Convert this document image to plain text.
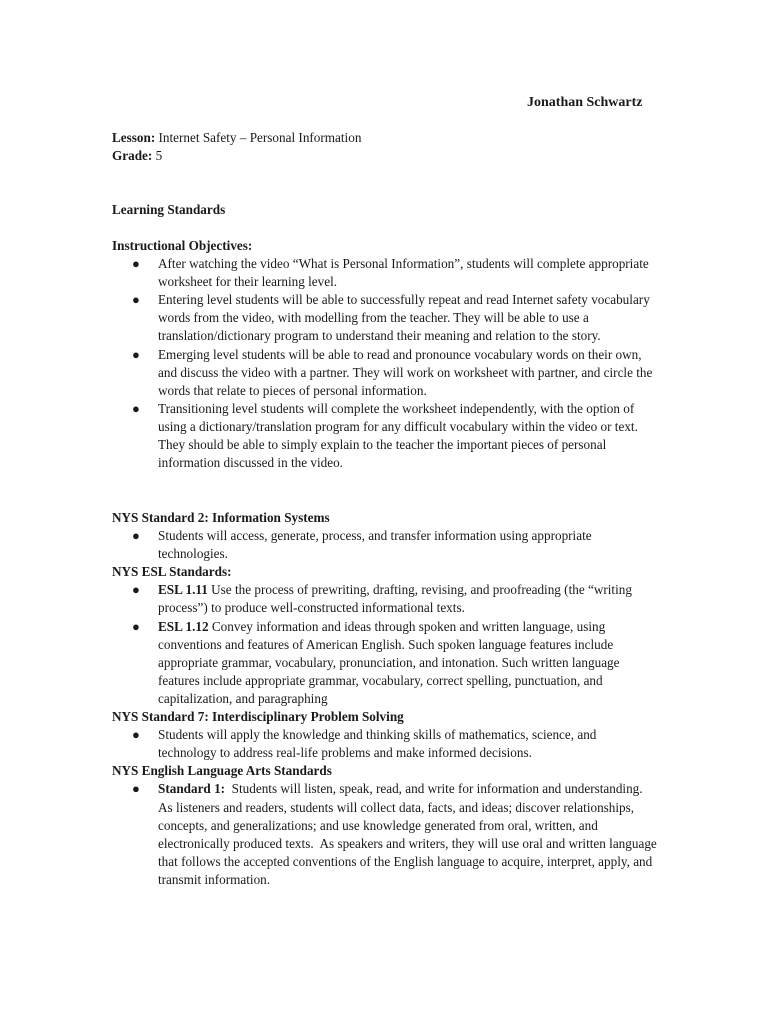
Jonathan Schwartz
Lesson: Internet Safety – Personal Information
Grade: 5
Learning Standards
Instructional Objectives:
● After watching the video “What is Personal Information”, students will complete appropriate worksheet for their learning level.
● Entering level students will be able to successfully repeat and read Internet safety vocabulary words from the video, with modelling from the teacher. They will be able to use a translation/dictionary program to understand their meaning and relation to the story.
● Emerging level students will be able to read and pronounce vocabulary words on their own, and discuss the video with a partner. They will work on worksheet with partner, and circle the words that relate to pieces of personal information.
● Transitioning level students will complete the worksheet independently, with the option of using a dictionary/translation program for any difficult vocabulary within the video or text. They should be able to simply explain to the teacher the important pieces of personal information discussed in the video.
NYS Standard 2: Information Systems
● Students will access, generate, process, and transfer information using appropriate technologies.
NYS ESL Standards:
● ESL 1.11 Use the process of prewriting, drafting, revising, and proofreading (the “writing process”) to produce well-constructed informational texts.
● ESL 1.12 Convey information and ideas through spoken and written language, using conventions and features of American English. Such spoken language features include appropriate grammar, vocabulary, pronunciation, and intonation. Such written language features include appropriate grammar, vocabulary, correct spelling, punctuation, and capitalization, and paragraphing
NYS Standard 7: Interdisciplinary Problem Solving
● Students will apply the knowledge and thinking skills of mathematics, science, and technology to address real-life problems and make informed decisions.
NYS English Language Arts Standards
● Standard 1:  Students will listen, speak, read, and write for information and understanding.  As listeners and readers, students will collect data, facts, and ideas; discover relationships, concepts, and generalizations; and use knowledge generated from oral, written, and electronically produced texts.  As speakers and writers, they will use oral and written language that follows the accepted conventions of the English language to acquire, interpret, apply, and transmit information.
